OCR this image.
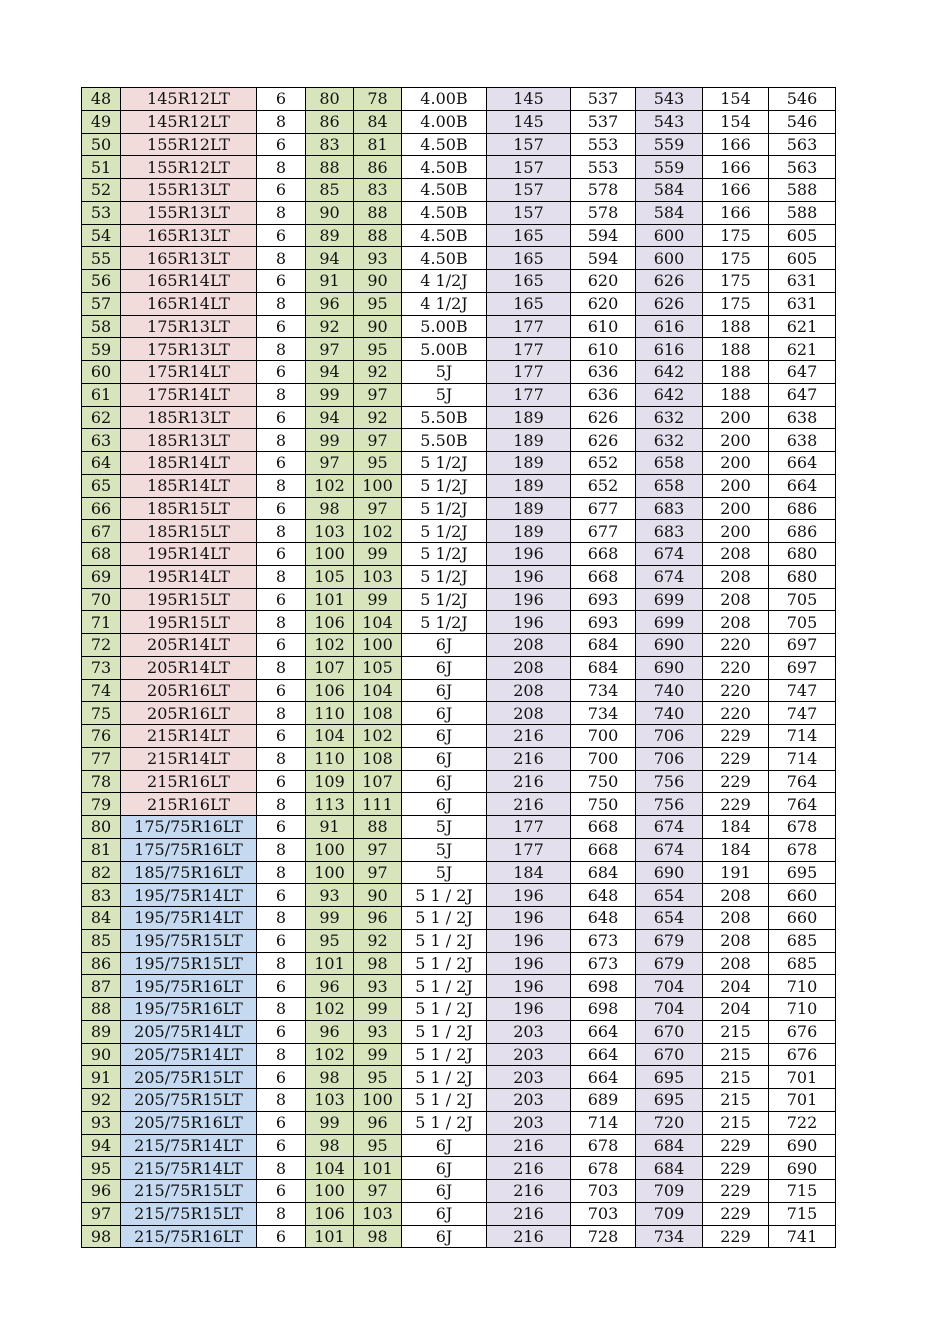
48	145R12LT	6	80	78	4.00B	145	537	543	154	546
49	145R12LT	8	86	84	4.00B	145	537	543	154	546
50	155R12LT	6	83	81	4.50B	157	553	559	166	563
51	155R12LT	8	88	86	4.50B	157	553	559	166	563
52	155R13LT	6	85	83	4.50B	157	578	584	166	588
53	155R13LT	8	90	88	4.50B	157	578	584	166	588
54	165R13LT	6	89	88	4.50B	165	594	600	175	605
55	165R13LT	8	94	93	4.50B	165	594	600	175	605
56	165R14LT	6	91	90	4 1/2J	165	620	626	175	631
57	165R14LT	8	96	95	4 1/2J	165	620	626	175	631
58	175R13LT	6	92	90	5.00B	177	610	616	188	621
59	175R13LT	8	97	95	5.00B	177	610	616	188	621
60	175R14LT	6	94	92	5J	177	636	642	188	647
61	175R14LT	8	99	97	5J	177	636	642	188	647
62	185R13LT	6	94	92	5.50B	189	626	632	200	638
63	185R13LT	8	99	97	5.50B	189	626	632	200	638
64	185R14LT	6	97	95	5 1/2J	189	652	658	200	664
65	185R14LT	8	102	100	5 1/2J	189	652	658	200	664
66	185R15LT	6	98	97	5 1/2J	189	677	683	200	686
67	185R15LT	8	103	102	5 1/2J	189	677	683	200	686
68	195R14LT	6	100	99	5 1/2J	196	668	674	208	680
69	195R14LT	8	105	103	5 1/2J	196	668	674	208	680
70	195R15LT	6	101	99	5 1/2J	196	693	699	208	705
71	195R15LT	8	106	104	5 1/2J	196	693	699	208	705
72	205R14LT	6	102	100	6J	208	684	690	220	697
73	205R14LT	8	107	105	6J	208	684	690	220	697
74	205R16LT	6	106	104	6J	208	734	740	220	747
75	205R16LT	8	110	108	6J	208	734	740	220	747
76	215R14LT	6	104	102	6J	216	700	706	229	714
77	215R14LT	8	110	108	6J	216	700	706	229	714
78	215R16LT	6	109	107	6J	216	750	756	229	764
79	215R16LT	8	113	111	6J	216	750	756	229	764
80	175/75R16LT	6	91	88	5J	177	668	674	184	678
81	175/75R16LT	8	100	97	5J	177	668	674	184	678
82	185/75R16LT	8	100	97	5J	184	684	690	191	695
83	195/75R14LT	6	93	90	5 1 / 2J	196	648	654	208	660
84	195/75R14LT	8	99	96	5 1 / 2J	196	648	654	208	660
85	195/75R15LT	6	95	92	5 1 / 2J	196	673	679	208	685
86	195/75R15LT	8	101	98	5 1 / 2J	196	673	679	208	685
87	195/75R16LT	6	96	93	5 1 / 2J	196	698	704	204	710
88	195/75R16LT	8	102	99	5 1 / 2J	196	698	704	204	710
89	205/75R14LT	6	96	93	5 1 / 2J	203	664	670	215	676
90	205/75R14LT	8	102	99	5 1 / 2J	203	664	670	215	676
91	205/75R15LT	6	98	95	5 1 / 2J	203	664	695	215	701
92	205/75R15LT	8	103	100	5 1 / 2J	203	689	695	215	701
93	205/75R16LT	6	99	96	5 1 / 2J	203	714	720	215	722
94	215/75R14LT	6	98	95	6J	216	678	684	229	690
95	215/75R14LT	8	104	101	6J	216	678	684	229	690
96	215/75R15LT	6	100	97	6J	216	703	709	229	715
97	215/75R15LT	8	106	103	6J	216	703	709	229	715
98	215/75R16LT	6	101	98	6J	216	728	734	229	741
